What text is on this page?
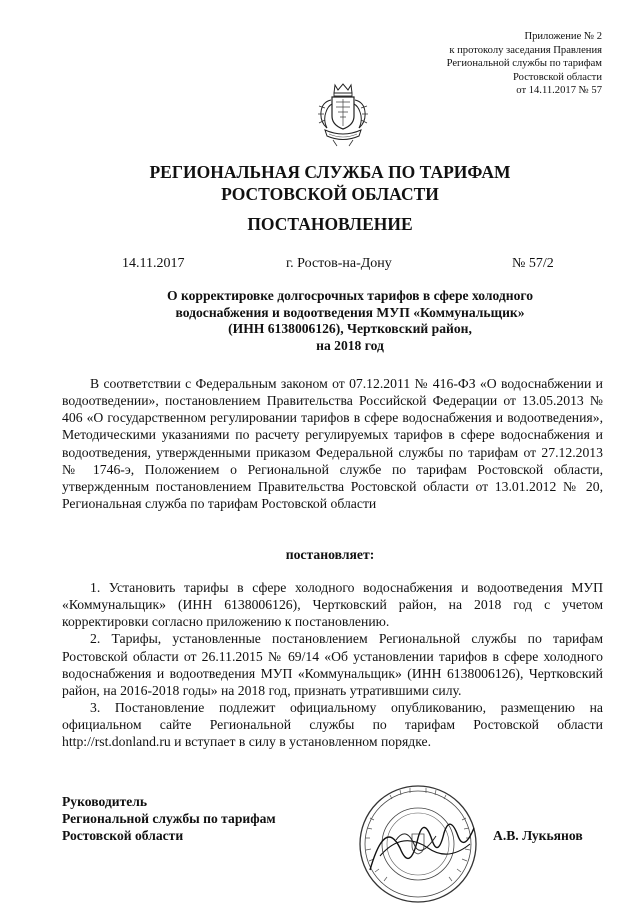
Приложение № 2
к протоколу заседания Правления
Региональной службы по тарифам
Ростовской области
от 14.11.2017 № 57
РЕГИОНАЛЬНАЯ СЛУЖБА ПО ТАРИФАМ
РОСТОВСКОЙ ОБЛАСТИ
ПОСТАНОВЛЕНИЕ
14.11.2017	г. Ростов-на-Дону	№ 57/2
О корректировке долгосрочных тарифов в сфере холодного
водоснабжения и водоотведения МУП «Коммунальщик»
(ИНН 6138006126), Чертковский район,
на 2018 год

В соответствии с Федеральным законом от 07.12.2011 № 416-ФЗ «О водоснабжении и водоотведении», постановлением Правительства Российской Федерации от 13.05.2013 № 406 «О государственном регулировании тарифов в сфере водоснабжения и водоотведения», Методическими указаниями по расчету регулируемых тарифов в сфере водоснабжения и водоотведения, утвержденными приказом Федеральной службы по тарифам от 27.12.2013 № 1746-э, Положением о Региональной службе по тарифам Ростовской области, утвержденным постановлением Правительства Ростовской области от 13.01.2012 № 20, Региональная служба по тарифам Ростовской области

постановляет:

1. Установить тарифы в сфере холодного водоснабжения и водоотведения МУП «Коммунальщик» (ИНН 6138006126), Чертковский район, на 2018 год с учетом корректировки согласно приложению к постановлению.

2. Тарифы, установленные постановлением Региональной службы по тарифам Ростовской области от 26.11.2015 № 69/14 «Об установлении тарифов в сфере холодного водоснабжения и водоотведения МУП «Коммунальщик» (ИНН 6138006126), Чертковский район, на 2016-2018 годы» на 2018 год, признать утратившими силу.

3. Постановление подлежит официальному опубликованию, размещению на официальном сайте Региональной службы по тарифам Ростовской области http://rst.donland.ru и вступает в силу в установленном порядке.

Руководитель
Региональной службы по тарифам
Ростовской области	А.В. Лукьянов
